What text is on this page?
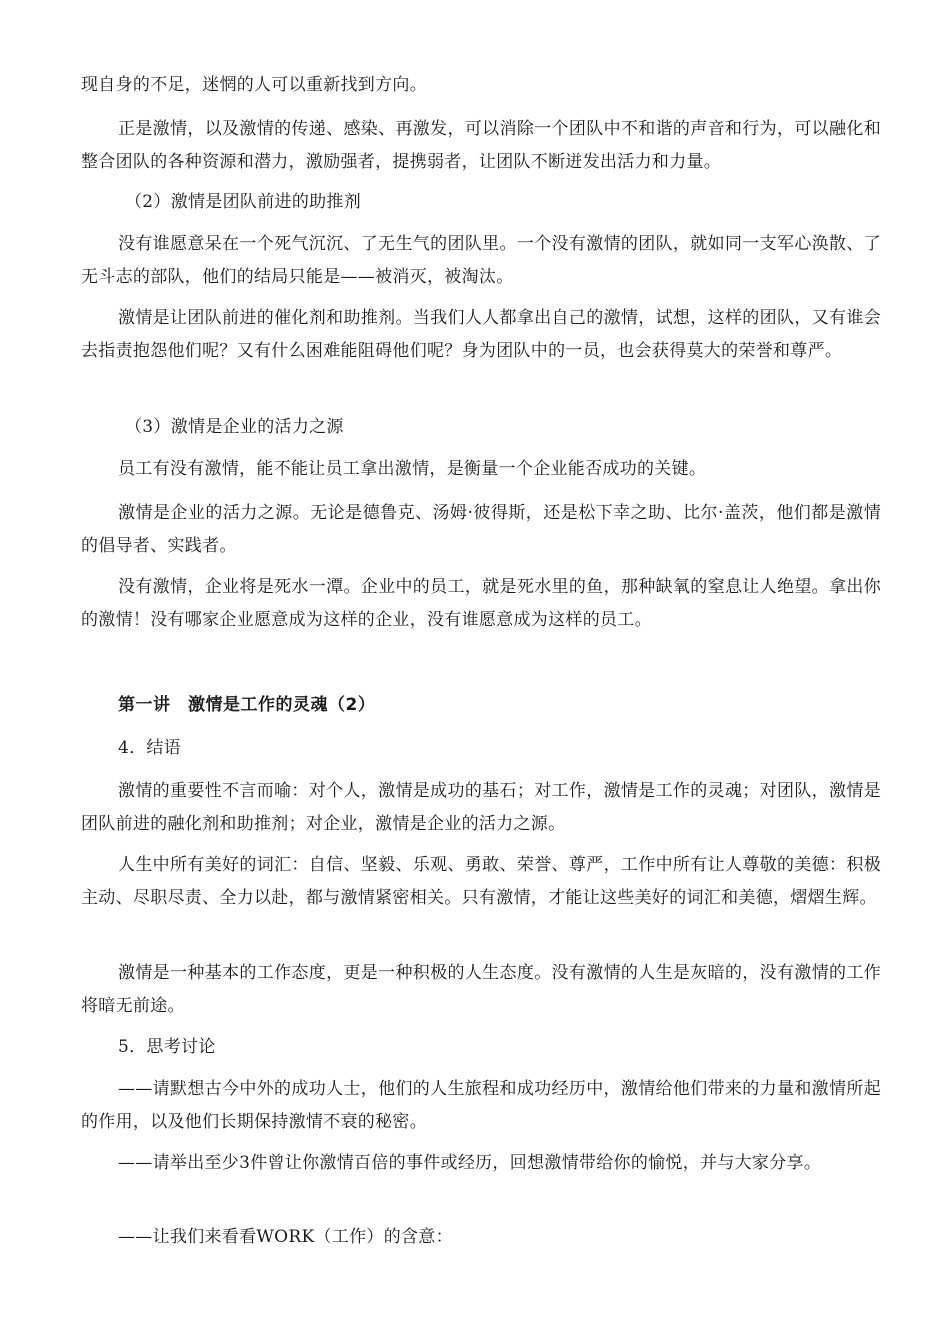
现自身的不足，迷惘的人可以重新找到方向。

正是激情，以及激情的传递、感染、再激发，可以消除一个团队中不和谐的声音和行为，可以融化和整合团队的各种资源和潜力，激励强者，提携弱者，让团队不断迸发出活力和力量。

（2）激情是团队前进的助推剂

没有谁愿意呆在一个死气沉沉、了无生气的团队里。一个没有激情的团队，就如同一支军心涣散、了无斗志的部队，他们的结局只能是——被消灭，被淘汰。

激情是让团队前进的催化剂和助推剂。当我们人人都拿出自己的激情，试想，这样的团队，又有谁会去指责抱怨他们呢？又有什么困难能阻碍他们呢？身为团队中的一员，也会获得莫大的荣誉和尊严。

（3）激情是企业的活力之源

员工有没有激情，能不能让员工拿出激情，是衡量一个企业能否成功的关键。

激情是企业的活力之源。无论是德鲁克、汤姆·彼得斯，还是松下幸之助、比尔·盖茨，他们都是激情的倡导者、实践者。

没有激情，企业将是死水一潭。企业中的员工，就是死水里的鱼，那种缺氧的窒息让人绝望。拿出你的激情！没有哪家企业愿意成为这样的企业，没有谁愿意成为这样的员工。

第一讲　激情是工作的灵魂（2）

4．结语

激情的重要性不言而喻：对个人，激情是成功的基石；对工作，激情是工作的灵魂；对团队，激情是团队前进的融化剂和助推剂；对企业，激情是企业的活力之源。

人生中所有美好的词汇：自信、坚毅、乐观、勇敢、荣誉、尊严，工作中所有让人尊敬的美德：积极主动、尽职尽责、全力以赴，都与激情紧密相关。只有激情，才能让这些美好的词汇和美德，熠熠生辉。

激情是一种基本的工作态度，更是一种积极的人生态度。没有激情的人生是灰暗的，没有激情的工作将暗无前途。

5．思考讨论

——请默想古今中外的成功人士，他们的人生旅程和成功经历中，激情给他们带来的力量和激情所起的作用，以及他们长期保持激情不衰的秘密。

——请举出至少3件曾让你激情百倍的事件或经历，回想激情带给你的愉悦，并与大家分享。

——让我们来看看WORK（工作）的含意：
